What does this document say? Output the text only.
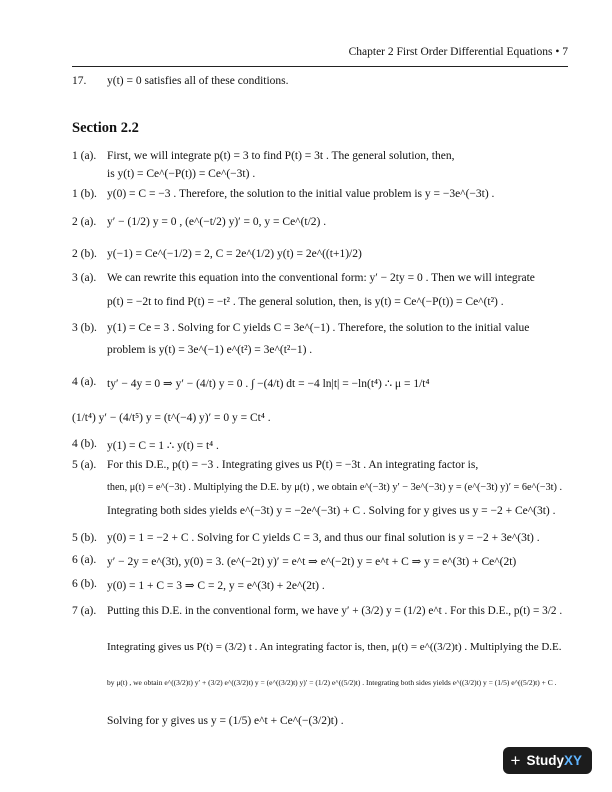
Chapter 2 First Order Differential Equations • 7
17. y(t) = 0 satisfies all of these conditions.
Section 2.2
1 (a). First, we will integrate p(t) = 3 to find P(t) = 3t . The general solution, then,
is y(t) = Ce^(−P(t)) = Ce^(−3t) .
1 (b). y(0) = C = −3 . Therefore, the solution to the initial value problem is y = −3e^(−3t) .
2 (a). y′ − (1/2) y = 0 , (e^(−t/2) y)′ = 0, y = Ce^(t/2) .
2 (b). y(−1) = Ce^(−1/2) = 2, C = 2e^(1/2) y(t) = 2e^((t+1)/2)
3 (a). We can rewrite this equation into the conventional form: y′ − 2ty = 0 . Then we will integrate
p(t) = −2t to find P(t) = −t² . The general solution, then, is y(t) = Ce^(−P(t)) = Ce^(t²) .
3 (b). y(1) = Ce = 3 . Solving for C yields C = 3e^(−1) . Therefore, the solution to the initial value
problem is y(t) = 3e^(−1) e^(t²) = 3e^(t²−1) .
4 (a). ty′ − 4y = 0 ⇒ y′ − (4/t) y = 0 . ∫ −(4/t) dt = −4 ln|t| = −ln(t⁴) ∴ μ = 1/t⁴
(1/t⁴) y′ − (4/t⁵) y = (t^(−4) y)′ = 0 y = Ct⁴ .
4 (b). y(1) = C = 1 ∴ y(t) = t⁴ .
5 (a). For this D.E., p(t) = −3 . Integrating gives us P(t) = −3t . An integrating factor is,
then, μ(t) = e^(−3t) . Multiplying the D.E. by μ(t) , we obtain e^(−3t) y′ − 3e^(−3t) y = (e^(−3t) y)′ = 6e^(−3t) .
Integrating both sides yields e^(−3t) y = −2e^(−3t) + C . Solving for y gives us y = −2 + Ce^(3t) .
5 (b). y(0) = 1 = −2 + C . Solving for C yields C = 3, and thus our final solution is y = −2 + 3e^(3t) .
6 (a). y′ − 2y = e^(3t), y(0) = 3. (e^(−2t) y)′ = e^t ⇒ e^(−2t) y = e^t + C ⇒ y = e^(3t) + Ce^(2t)
6 (b). y(0) = 1 + C = 3 ⇒ C = 2, y = e^(3t) + 2e^(2t) .
7 (a). Putting this D.E. in the conventional form, we have y′ + (3/2) y = (1/2) e^t . For this D.E., p(t) = 3/2 .
Integrating gives us P(t) = (3/2) t . An integrating factor is, then, μ(t) = e^((3/2)t) . Multiplying the D.E.
by μ(t) , we obtain e^((3/2)t) y′ + (3/2) e^((3/2)t) y = (e^((3/2)t) y)′ = (1/2) e^((5/2)t) . Integrating both sides yields e^((3/2)t) y = (1/5) e^((5/2)t) + C .
Solving for y gives us y = (1/5) e^t + Ce^(−(3/2)t) .
+ StudyXY
